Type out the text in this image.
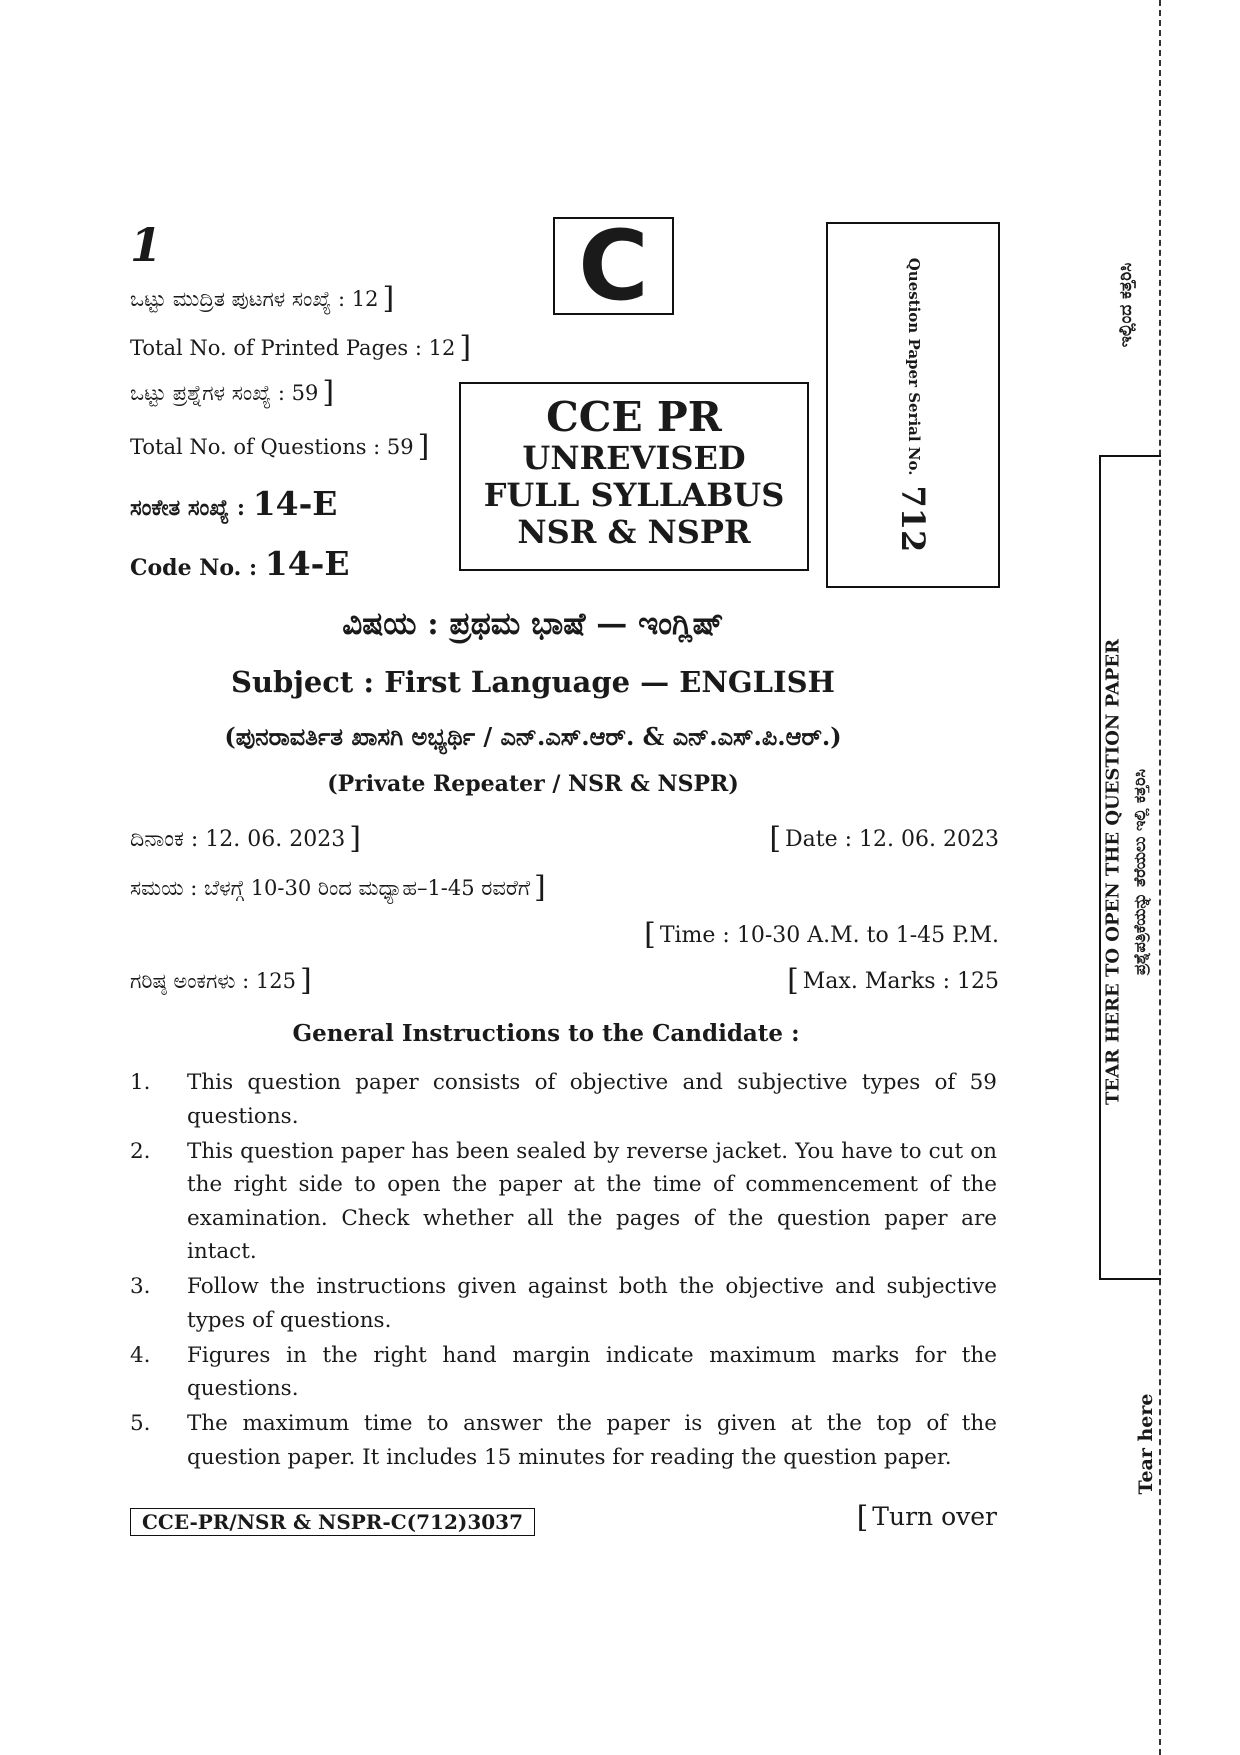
1
ಒಟ್ಟು ಮುದ್ರಿತ ಪುಟಗಳ ಸಂಖ್ಯೆ : 12 ]
Total No. of Printed Pages : 12 ]
ಒಟ್ಟು ಪ್ರಶ್ನೆಗಳ ಸಂಖ್ಯೆ : 59 ]
Total No. of Questions : 59 ]
ಸಂಕೇತ ಸಂಖ್ಯೆ : 14-E
Code No. : 14-E
C
CCE PR
UNREVISED
FULL SYLLABUS
NSR & NSPR
Question Paper Serial No.712
ವಿಷಯ : ಪ್ರಥಮ ಭಾಷೆ — ಇಂಗ್ಲಿಷ್
Subject : First Language — ENGLISH
(ಪುನರಾವರ್ತಿತ ಖಾಸಗಿ ಅಭ್ಯರ್ಥಿ / ಎನ್.ಎಸ್.ಆರ್. & ಎನ್.ಎಸ್.ಪಿ.ಆರ್.)
(Private Repeater / NSR & NSPR)
ದಿನಾಂಕ : 12. 06. 2023 ]	[ Date : 12. 06. 2023
ಸಮಯ : ಬೆಳಗ್ಗೆ 10-30 ರಿಂದ ಮಧ್ಯಾಹ–1-45 ರವರೆಗೆ ]
[ Time : 10-30 A.M. to 1-45 P.M.
ಗರಿಷ್ಠ ಅಂಕಗಳು : 125 ]	[ Max. Marks : 125
General Instructions to the Candidate :
1.	This question paper consists of objective and subjective types of 59 questions.
2.	This question paper has been sealed by reverse jacket. You have to cut on the right side to open the paper at the time of commencement of the examination. Check whether all the pages of the question paper are intact.
3.	Follow the instructions given against both the objective and subjective types of questions.
4.	Figures in the right hand margin indicate maximum marks for the questions.
5.	The maximum time to answer the paper is given at the top of the question paper. It includes 15 minutes for reading the question paper.
CCE-PR/NSR & NSPR-C(712)3037	[ Turn over
TEAR HERE TO OPEN THE QUESTION PAPER ಪ್ರಶ್ನೆಪತ್ರಿಕೆಯನ್ನು ತೆರೆಯಲು ಇಲ್ಲಿ ಕತ್ತರಿಸಿ
ಇಲ್ಲಿಂದ ಕತ್ತರಿಸಿ
Tear here
